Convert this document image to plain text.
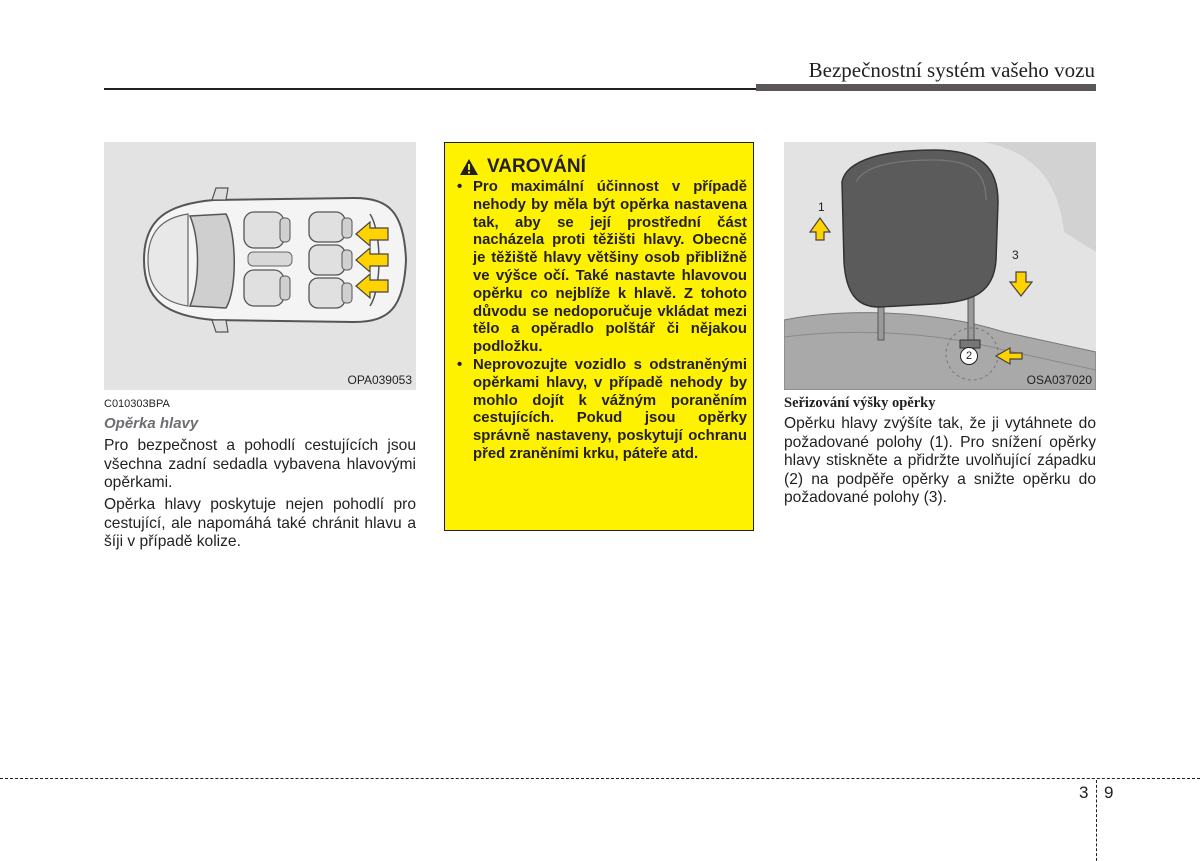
Bezpečnostní systém vašeho vozu
OPA039053
C010303BPA
Opěrka hlavy
Pro bezpečnost a pohodlí cestujících jsou všechna zadní sedadla vybavena hlavovými opěrkami.
Opěrka hlavy poskytuje nejen pohodlí pro cestující, ale napomáhá také chránit hlavu a šíji v případě kolize.
VAROVÁNÍ
• Pro maximální účinnost v případě nehody by měla být opěrka nastavena tak, aby se její prostřední část nacházela proti těžišti hlavy. Obecně je těžiště hlavy většiny osob přibližně ve výšce očí. Také nastavte hlavovou opěrku co nejblíže k hlavě. Z tohoto důvodu se nedoporučuje vkládat mezi tělo a opěradlo polštář či nějakou podložku.
• Neprovozujte vozidlo s odstraněnými opěrkami hlavy, v případě nehody by mohlo dojít k vážným poraněním cestujících. Pokud jsou opěrky správně nastaveny, poskytují ochranu před zraněními krku, páteře atd.
1
3
2
OSA037020
Seřizování výšky opěrky
Opěrku hlavy zvýšíte tak, že ji vytáhnete do požadované polohy (1). Pro snížení opěrky hlavy stiskněte a přidržte uvolňující západku (2) na podpěře opěrky a snižte opěrku do požadované polohy (3).
3 9
